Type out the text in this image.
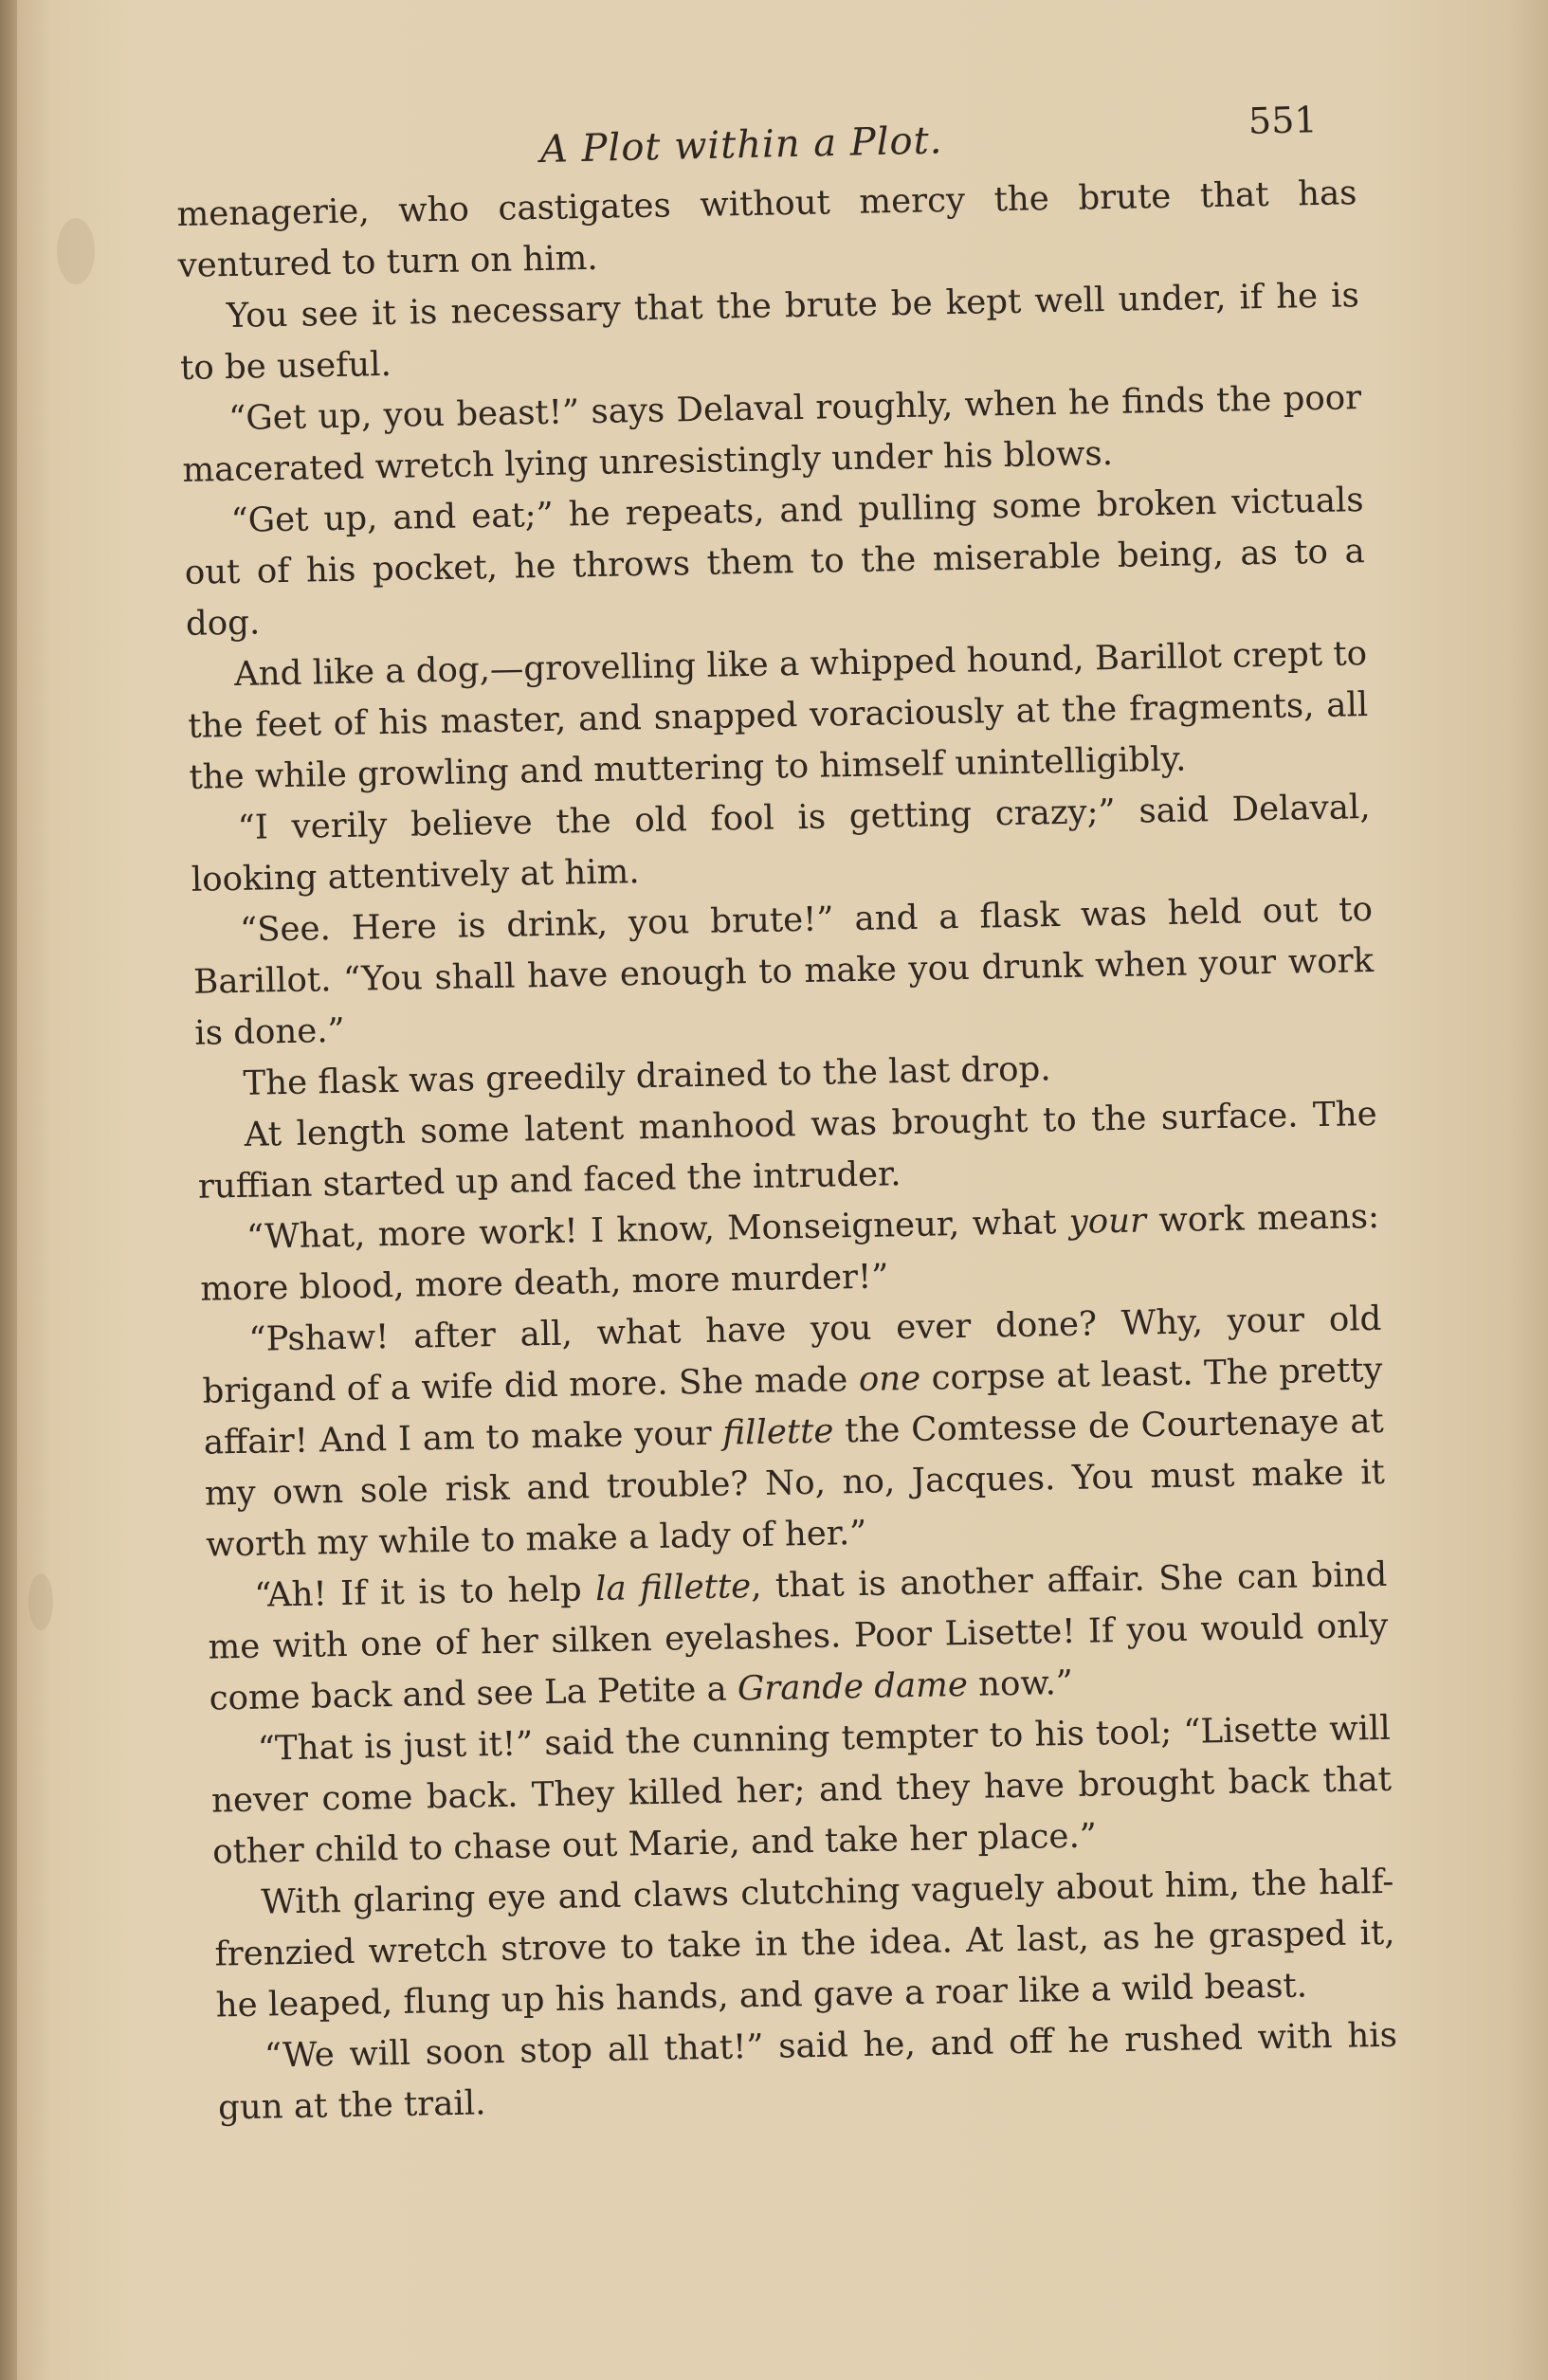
A Plot within a Plot.	551

menagerie, who castigates without mercy the brute that has ventured to turn on him.

You see it is necessary that the brute be kept well under, if he is to be useful.

“Get up, you beast!” says Delaval roughly, when he finds the poor macerated wretch lying unresistingly under his blows.

“Get up, and eat;” he repeats, and pulling some broken victuals out of his pocket, he throws them to the miserable being, as to a dog.

And like a dog,—grovelling like a whipped hound, Barillot crept to the feet of his master, and snapped voraciously at the fragments, all the while growling and muttering to himself unintelligibly.

“I verily believe the old fool is getting crazy;” said Delaval, looking attentively at him.

“See. Here is drink, you brute!” and a flask was held out to Barillot. “You shall have enough to make you drunk when your work is done.”

The flask was greedily drained to the last drop.

At length some latent manhood was brought to the surface. The ruffian started up and faced the intruder.

“What, more work! I know, Monseigneur, what your work means: more blood, more death, more murder!”

“Pshaw! after all, what have you ever done? Why, your old brigand of a wife did more. She made one corpse at least. The pretty affair! And I am to make your fillette the Comtesse de Courtenaye at my own sole risk and trouble? No, no, Jacques. You must make it worth my while to make a lady of her.”

“Ah! If it is to help la fillette, that is another affair. She can bind me with one of her silken eyelashes. Poor Lisette! If you would only come back and see La Petite a Grande dame now.”

“That is just it!” said the cunning tempter to his tool; “Lisette will never come back. They killed her; and they have brought back that other child to chase out Marie, and take her place.”

With glaring eye and claws clutching vaguely about him, the half-frenzied wretch strove to take in the idea. At last, as he grasped it, he leaped, flung up his hands, and gave a roar like a wild beast.

“We will soon stop all that!” said he, and off he rushed with his gun at the trail.
